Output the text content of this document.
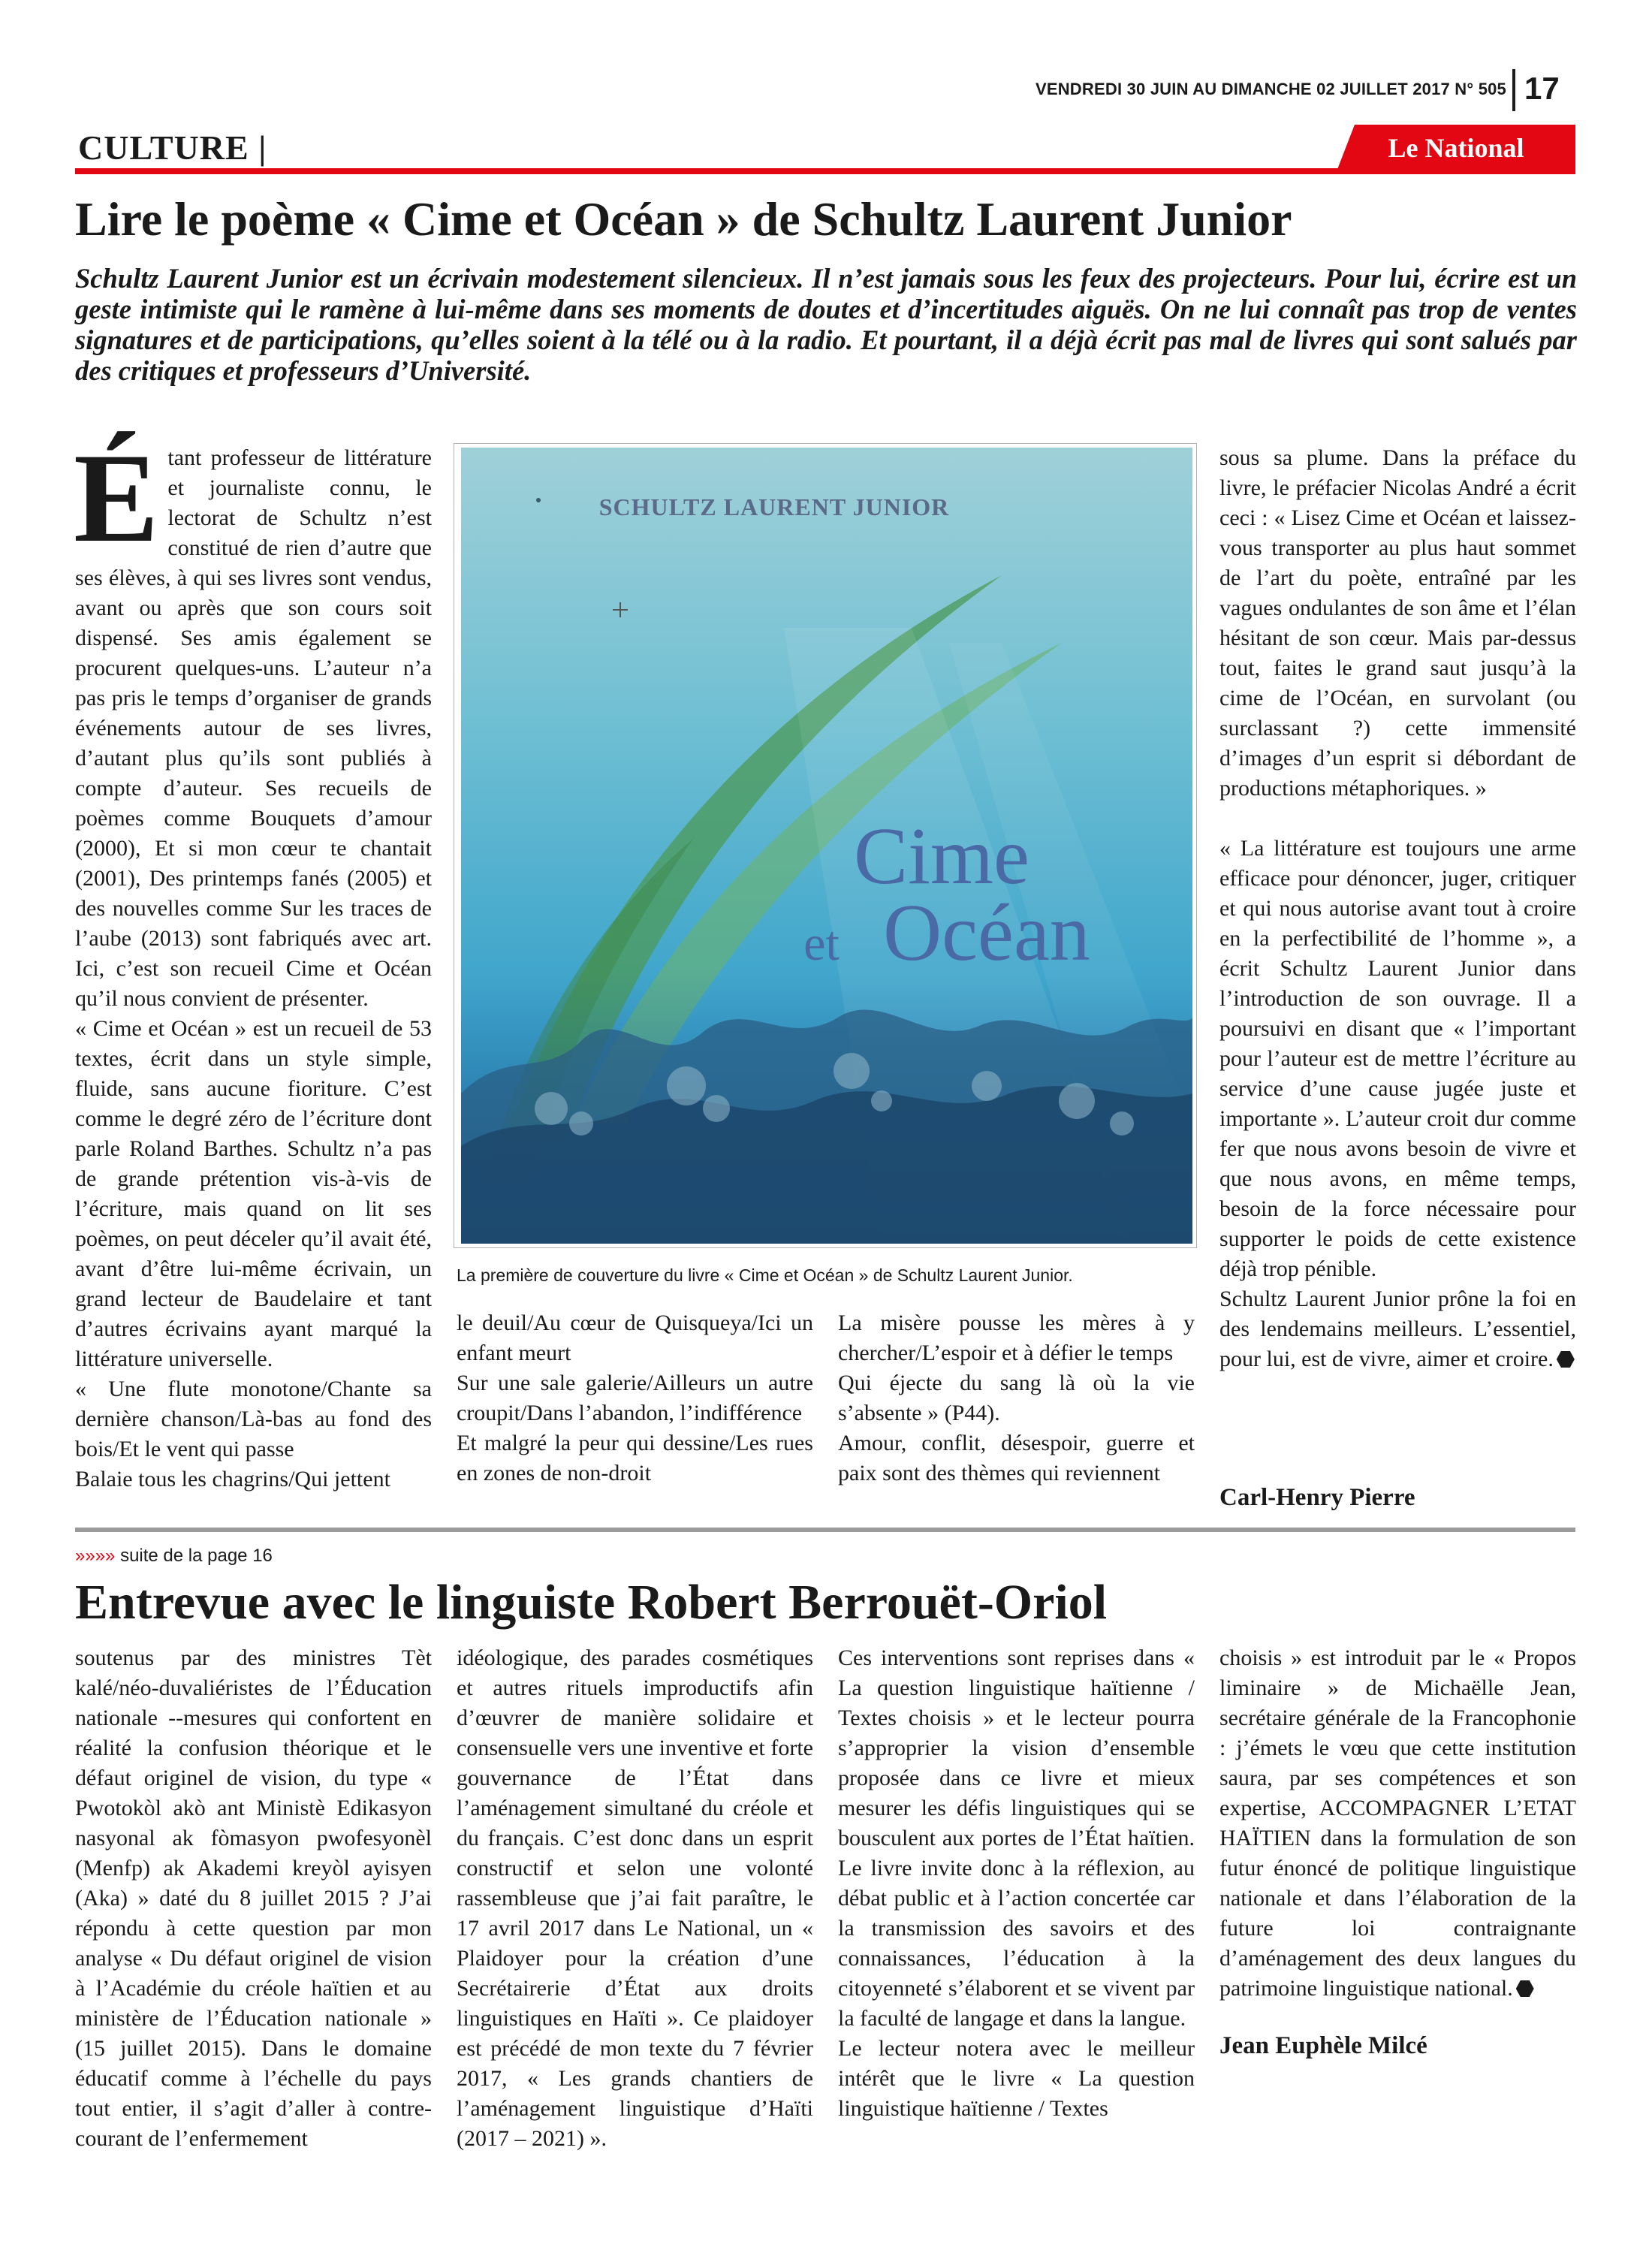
VENDREDI 30 JUIN AU DIMANCHE 02 JUILLET 2017 N° 505 17
CULTURE |	Le National
Lire le poème « Cime et Océan » de Schultz Laurent Junior
Schultz Laurent Junior est un écrivain modestement silencieux. Il n’est jamais sous les feux des projecteurs. Pour lui, écrire est un geste intimiste qui le ramène à lui-même dans ses moments de doutes et d’incertitudes aiguës. On ne lui connaît pas trop de ventes signatures et de participations, qu’elles soient à la télé ou à la radio. Et pourtant, il a déjà écrit pas mal de livres qui sont salués par des critiques et professeurs d’Université.

Étant professeur de littérature et journaliste connu, le lectorat de Schultz n’est constitué de rien d’autre que ses élèves, à qui ses livres sont vendus, avant ou après que son cours soit dispensé. Ses amis également se procurent quelques-uns. L’auteur n’a pas pris le temps d’organiser de grands événements autour de ses livres, d’autant plus qu’ils sont publiés à compte d’auteur. Ses recueils de poèmes comme Bouquets d’amour (2000), Et si mon cœur te chantait (2001), Des printemps fanés (2005) et des nouvelles comme Sur les traces de l’aube (2013) sont fabriqués avec art. Ici, c’est son recueil Cime et Océan qu’il nous convient de présenter.

« Cime et Océan » est un recueil de 53 textes, écrit dans un style simple, fluide, sans aucune fioriture. C’est comme le degré zéro de l’écriture dont parle Roland Barthes. Schultz n’a pas de grande prétention vis-à-vis de l’écriture, mais quand on lit ses poèmes, on peut déceler qu’il avait été, avant d’être lui-même écrivain, un grand lecteur de Baudelaire et tant d’autres écrivains ayant marqué la littérature universelle.

« Une flute monotone/Chante sa dernière chanson/Là-bas au fond des bois/Et le vent qui passe

Balaie tous les chagrins/Qui jettent

SCHULTZ LAURENT JUNIOR
Cime
et Océan
La première de couverture du livre « Cime et Océan » de Schultz Laurent Junior.

le deuil/Au cœur de Quisqueya/Ici un enfant meurt

Sur une sale galerie/Ailleurs un autre croupit/Dans l’abandon, l’indifférence

Et malgré la peur qui dessine/Les rues en zones de non-droit

La misère pousse les mères à y chercher/L’espoir et à défier le temps

Qui éjecte du sang là où la vie s’absente » (P44).

Amour, conflit, désespoir, guerre et paix sont des thèmes qui reviennent

sous sa plume. Dans la préface du livre, le préfacier Nicolas André a écrit ceci : « Lisez Cime et Océan et laissez-vous transporter au plus haut sommet de l’art du poète, entraîné par les vagues ondulantes de son âme et l’élan hésitant de son cœur. Mais par-dessus tout, faites le grand saut jusqu’à la cime de l’Océan, en survolant (ou surclassant ?) cette immensité d’images d’un esprit si débordant de productions métaphoriques. »

« La littérature est toujours une arme efficace pour dénoncer, juger, critiquer et qui nous autorise avant tout à croire en la perfectibilité de l’homme », a écrit Schultz Laurent Junior dans l’introduction de son ouvrage. Il a poursuivi en disant que « l’important pour l’auteur est de mettre l’écriture au service d’une cause jugée juste et importante ». L’auteur croit dur comme fer que nous avons besoin de vivre et que nous avons, en même temps, besoin de la force nécessaire pour supporter le poids de cette existence déjà trop pénible.

Schultz Laurent Junior prône la foi en des lendemains meilleurs. L’essentiel, pour lui, est de vivre, aimer et croire.

Carl-Henry Pierre
»»»» suite de la page 16
Entrevue avec le linguiste Robert Berrouët-Oriol

soutenus par des ministres Tèt kalé/néo-duvaliéristes de l’Éducation nationale --mesures qui confortent en réalité la confusion théorique et le défaut originel de vision, du type « Pwotokòl akò ant Ministè Edikasyon nasyonal ak fòmasyon pwofesyonèl (Menfp) ak Akademi kreyòl ayisyen (Aka) » daté du 8 juillet 2015 ? J’ai répondu à cette question par mon analyse « Du défaut originel de vision à l’Académie du créole haïtien et au ministère de l’Éducation nationale » (15 juillet 2015). Dans le domaine éducatif comme à l’échelle du pays tout entier, il s’agit d’aller à contre-courant de l’enfermement

idéologique, des parades cosmétiques et autres rituels improductifs afin d’œuvrer de manière solidaire et consensuelle vers une inventive et forte gouvernance de l’État dans l’aménagement simultané du créole et du français. C’est donc dans un esprit constructif et selon une volonté rassembleuse que j’ai fait paraître, le 17 avril 2017 dans Le National, un « Plaidoyer pour la création d’une Secrétairerie d’État aux droits linguistiques en Haïti ». Ce plaidoyer est précédé de mon texte du 7 février 2017, « Les grands chantiers de l’aménagement linguistique d’Haïti (2017 – 2021) ».

Ces interventions sont reprises dans « La question linguistique haïtienne / Textes choisis » et le lecteur pourra s’approprier la vision d’ensemble proposée dans ce livre et mieux mesurer les défis linguistiques qui se bousculent aux portes de l’État haïtien. Le livre invite donc à la réflexion, au débat public et à l’action concertée car la transmission des savoirs et des connaissances, l’éducation à la citoyenneté s’élaborent et se vivent par la faculté de langage et dans la langue.

Le lecteur notera avec le meilleur intérêt que le livre « La question linguistique haïtienne / Textes

choisis » est introduit par le « Propos liminaire » de Michaëlle Jean, secrétaire générale de la Francophonie : j’émets le vœu que cette institution saura, par ses compétences et son expertise, ACCOMPAGNER L’ETAT HAÏTIEN dans la formulation de son futur énoncé de politique linguistique nationale et dans l’élaboration de la future loi contraignante d’aménagement des deux langues du patrimoine linguistique national.

Jean Euphèle Milcé
